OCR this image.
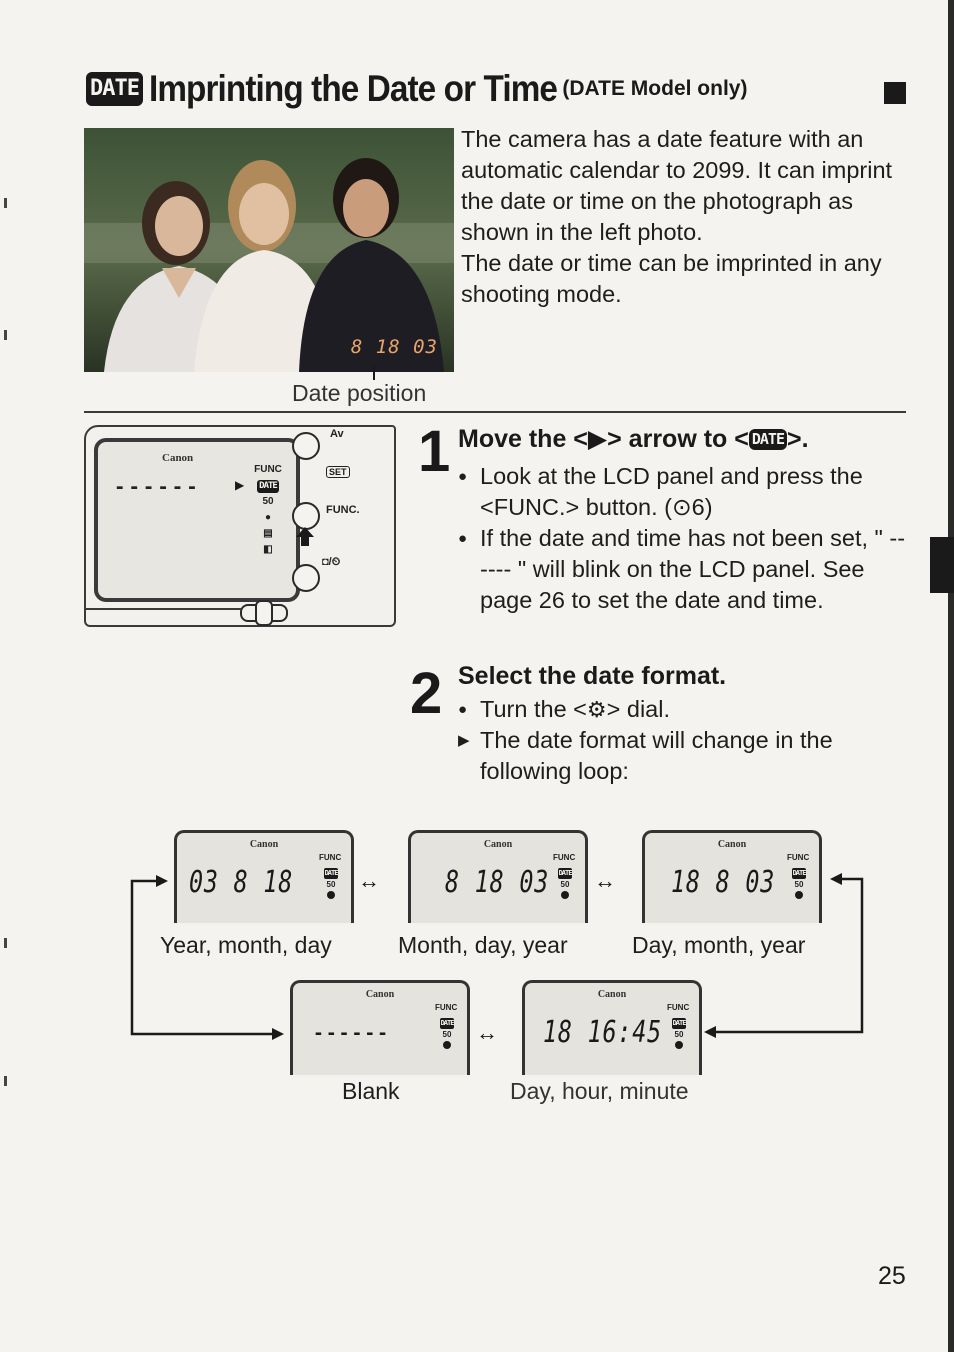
DATE Imprinting the Date or Time (DATE Model only)
8 18 03
Date position
The camera has a date feature with an automatic calendar to 2099. It can imprint the date or time on the photograph as shown in the left photo.
The date or time can be imprinted in any shooting mode.
Canon
------	▶
FUNC
DATE
50
●
▤
◧
Av
SET
FUNC.
◘/⏲
1 Move the <▶> arrow to < DATE >.
● Look at the LCD panel and press the <FUNC.> button. (⊙6)
● If the date and time has not been set, " ------ " will blink on the LCD panel. See page 26 to set the date and time.
2 Select the date format.
● Turn the <⚙> dial.
▶ The date format will change in the following loop:
Canon
03 8 18
FUNC
DATE
50 ↔
Canon
8 18 03
FUNC
DATE
50 ↔
Canon
18 8 03
FUNC
DATE
50
Year, month, day	Month, day, year	Day, month, year
Canon
------
FUNC
DATE
50 ↔
Canon
18 16:45
FUNC
DATE
50
Blank	Day, hour, minute
25
